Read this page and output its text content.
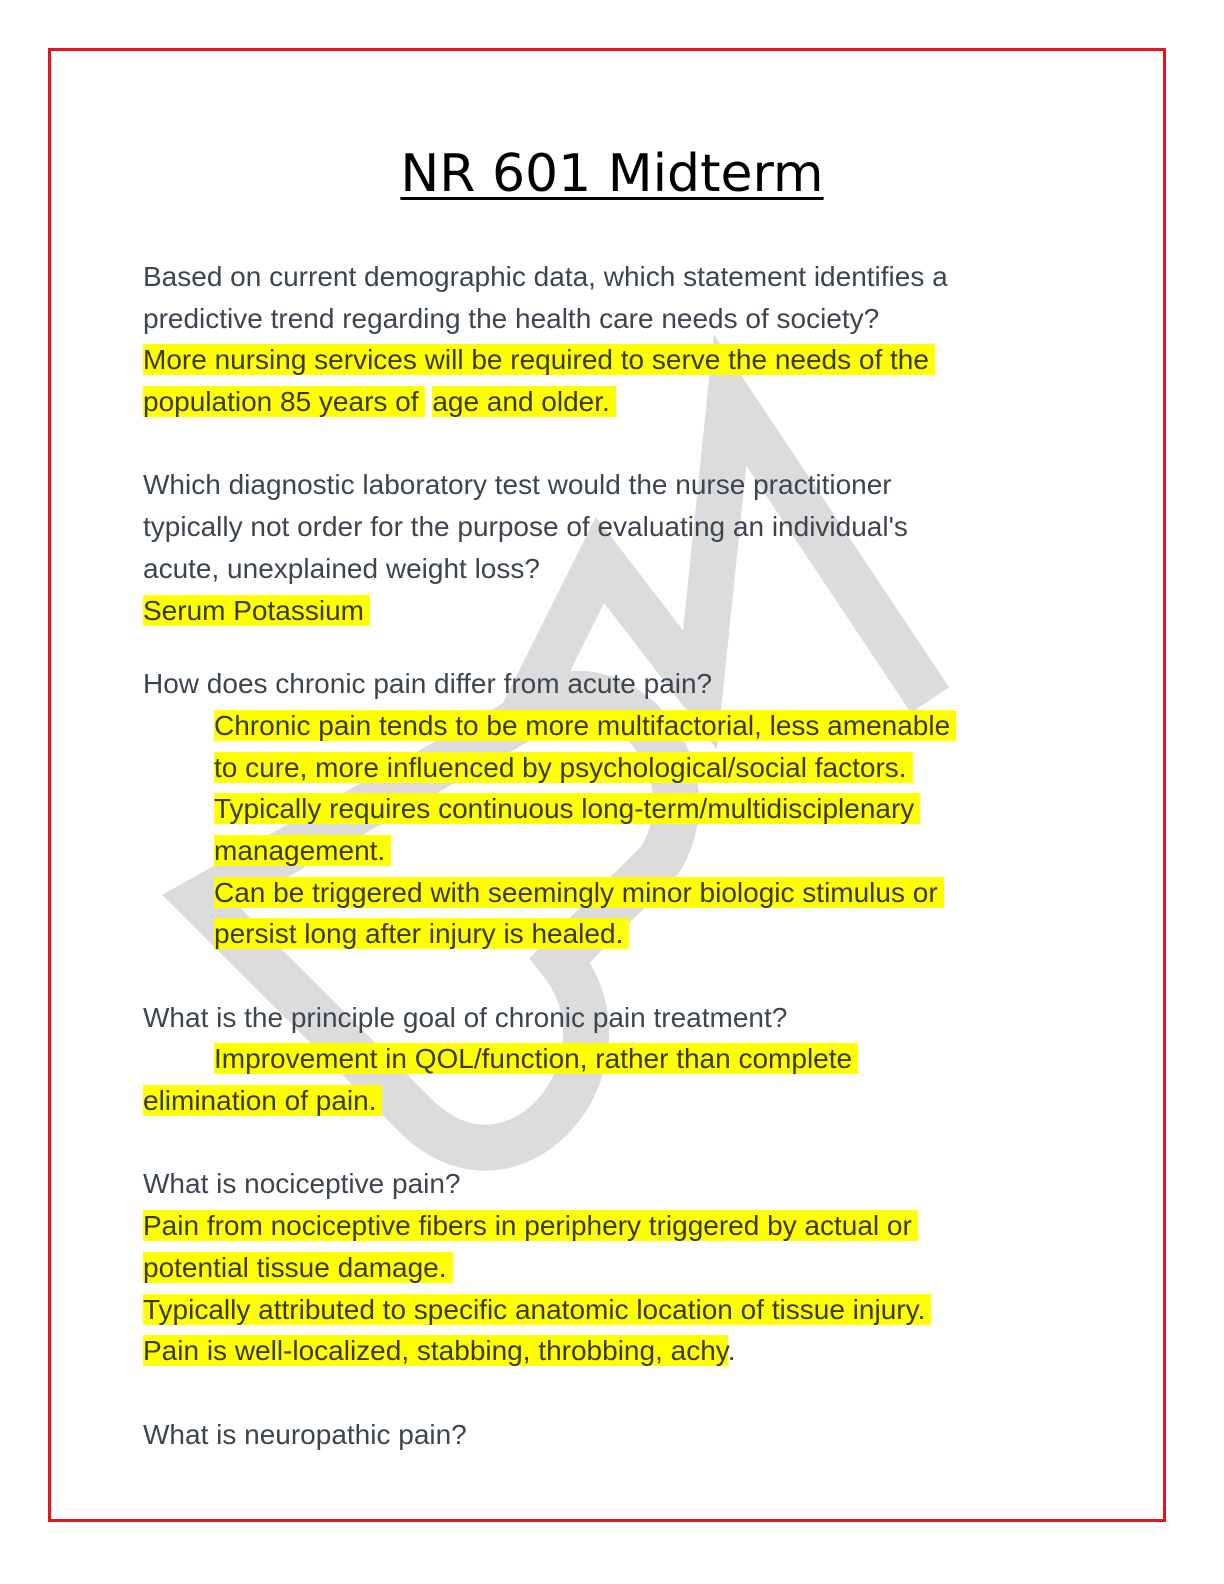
NR 601 Midterm
Based on current demographic data, which statement identifies a
predictive trend regarding the health care needs of society?
More nursing services will be required to serve the needs of the
population 85 years of age and older.
Which diagnostic laboratory test would the nurse practitioner
typically not order for the purpose of evaluating an individual's
acute, unexplained weight loss?
Serum Potassium
How does chronic pain differ from acute pain?
Chronic pain tends to be more multifactorial, less amenable
to cure, more influenced by psychological/social factors.
Typically requires continuous long-term/multidisciplenary
management.
Can be triggered with seemingly minor biologic stimulus or
persist long after injury is healed.
What is the principle goal of chronic pain treatment?
Improvement in QOL/function, rather than complete
elimination of pain.
What is nociceptive pain?
Pain from nociceptive fibers in periphery triggered by actual or
potential tissue damage.
Typically attributed to specific anatomic location of tissue injury.
Pain is well-localized, stabbing, throbbing, achy.
What is neuropathic pain?
